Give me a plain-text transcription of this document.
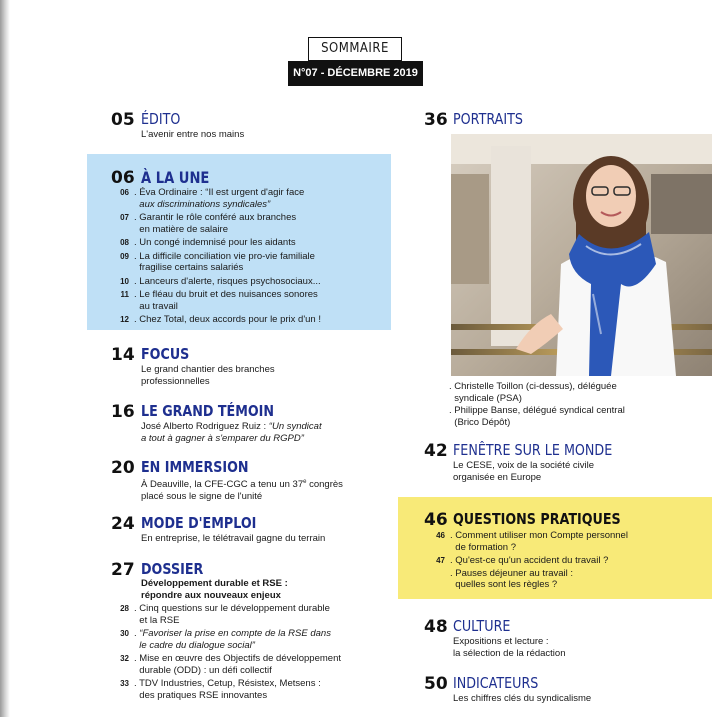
SOMMAIRE
N°07 - DÉCEMBRE 2019
05 ÉDITO
L'avenir entre nos mains
06 À LA UNE
06 . Éva Ordinaire : “Il est urgent d'agir face
aux discriminations syndicales”
07 . Garantir le rôle conféré aux branches
en matière de salaire
08 . Un congé indemnisé pour les aidants
09 . La difficile conciliation vie pro-vie familiale
fragilise certains salariés
10 . Lanceurs d'alerte, risques psychosociaux...
11 . Le fléau du bruit et des nuisances sonores
au travail
12 . Chez Total, deux accords pour le prix d'un !
14 FOCUS
Le grand chantier des branches
professionnelles
16 LE GRAND TÉMOIN
José Alberto Rodriguez Ruiz : “Un syndicat
a tout à gagner à s'emparer du RGPD”
20 EN IMMERSION
À Deauville, la CFE-CGC a tenu un 37e congrès
placé sous le signe de l'unité
24 MODE D'EMPLOI
En entreprise, le télétravail gagne du terrain
27 DOSSIER
Développement durable et RSE :
répondre aux nouveaux enjeux
28 . Cinq questions sur le développement durable
et la RSE
30 . “Favoriser la prise en compte de la RSE dans
le cadre du dialogue social”
32 . Mise en œuvre des Objectifs de développement
durable (ODD) : un défi collectif
33 . TDV Industries, Cetup, Résistex, Metsens :
des pratiques RSE innovantes
36 PORTRAITS
. Christelle Toillon (ci-dessus), déléguée
syndicale (PSA)
. Philippe Banse, délégué syndical central
(Brico Dépôt)
42 FENÊTRE SUR LE MONDE
Le CESE, voix de la société civile
organisée en Europe
46 QUESTIONS PRATIQUES
46 . Comment utiliser mon Compte personnel
de formation ?
47 . Qu'est-ce qu'un accident du travail ?
. Pauses déjeuner au travail :
quelles sont les règles ?
48 CULTURE
Expositions et lecture :
la sélection de la rédaction
50 INDICATEURS
Les chiffres clés du syndicalisme
